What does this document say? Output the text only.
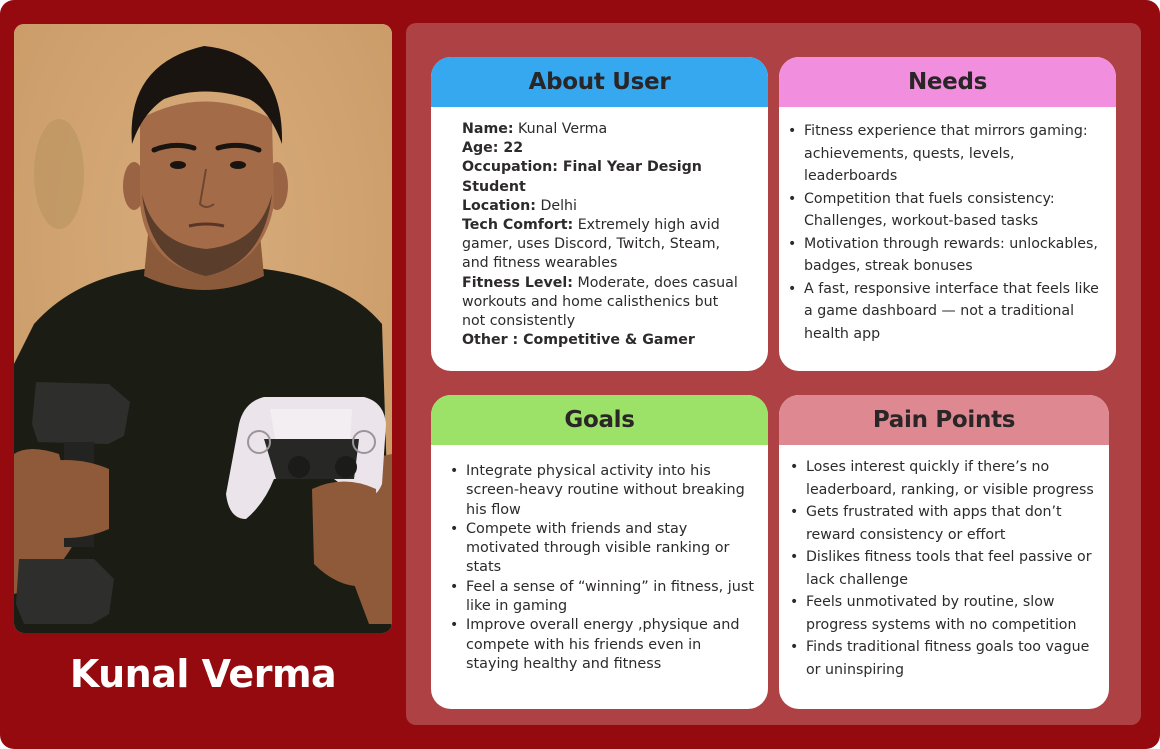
Kunal Verma
About User
Name: Kunal Verma
Age: 22
Occupation: Final Year Design Student
Location: Delhi
Tech Comfort: Extremely high avid gamer, uses Discord, Twitch, Steam, and fitness wearables
Fitness Level: Moderate, does casual workouts and home calisthenics but not consistently
Other : Competitive & Gamer
Needs
• Fitness experience that mirrors gaming: achievements, quests, levels, leaderboards
• Competition that fuels consistency: Challenges, workout-based tasks
• Motivation through rewards: unlockables, badges, streak bonuses
• A fast, responsive interface that feels like a game dashboard — not a traditional health app
Goals
• Integrate physical activity into his screen-heavy routine without breaking his flow
• Compete with friends and stay motivated through visible ranking or stats
• Feel a sense of “winning” in fitness, just like in gaming
• Improve overall energy ,physique and compete with his friends even in staying healthy and fitness
Pain Points
• Loses interest quickly if there’s no leaderboard, ranking, or visible progress
• Gets frustrated with apps that don’t reward consistency or effort
• Dislikes fitness tools that feel passive or lack challenge
• Feels unmotivated by routine, slow progress systems with no competition
• Finds traditional fitness goals too vague or uninspiring
